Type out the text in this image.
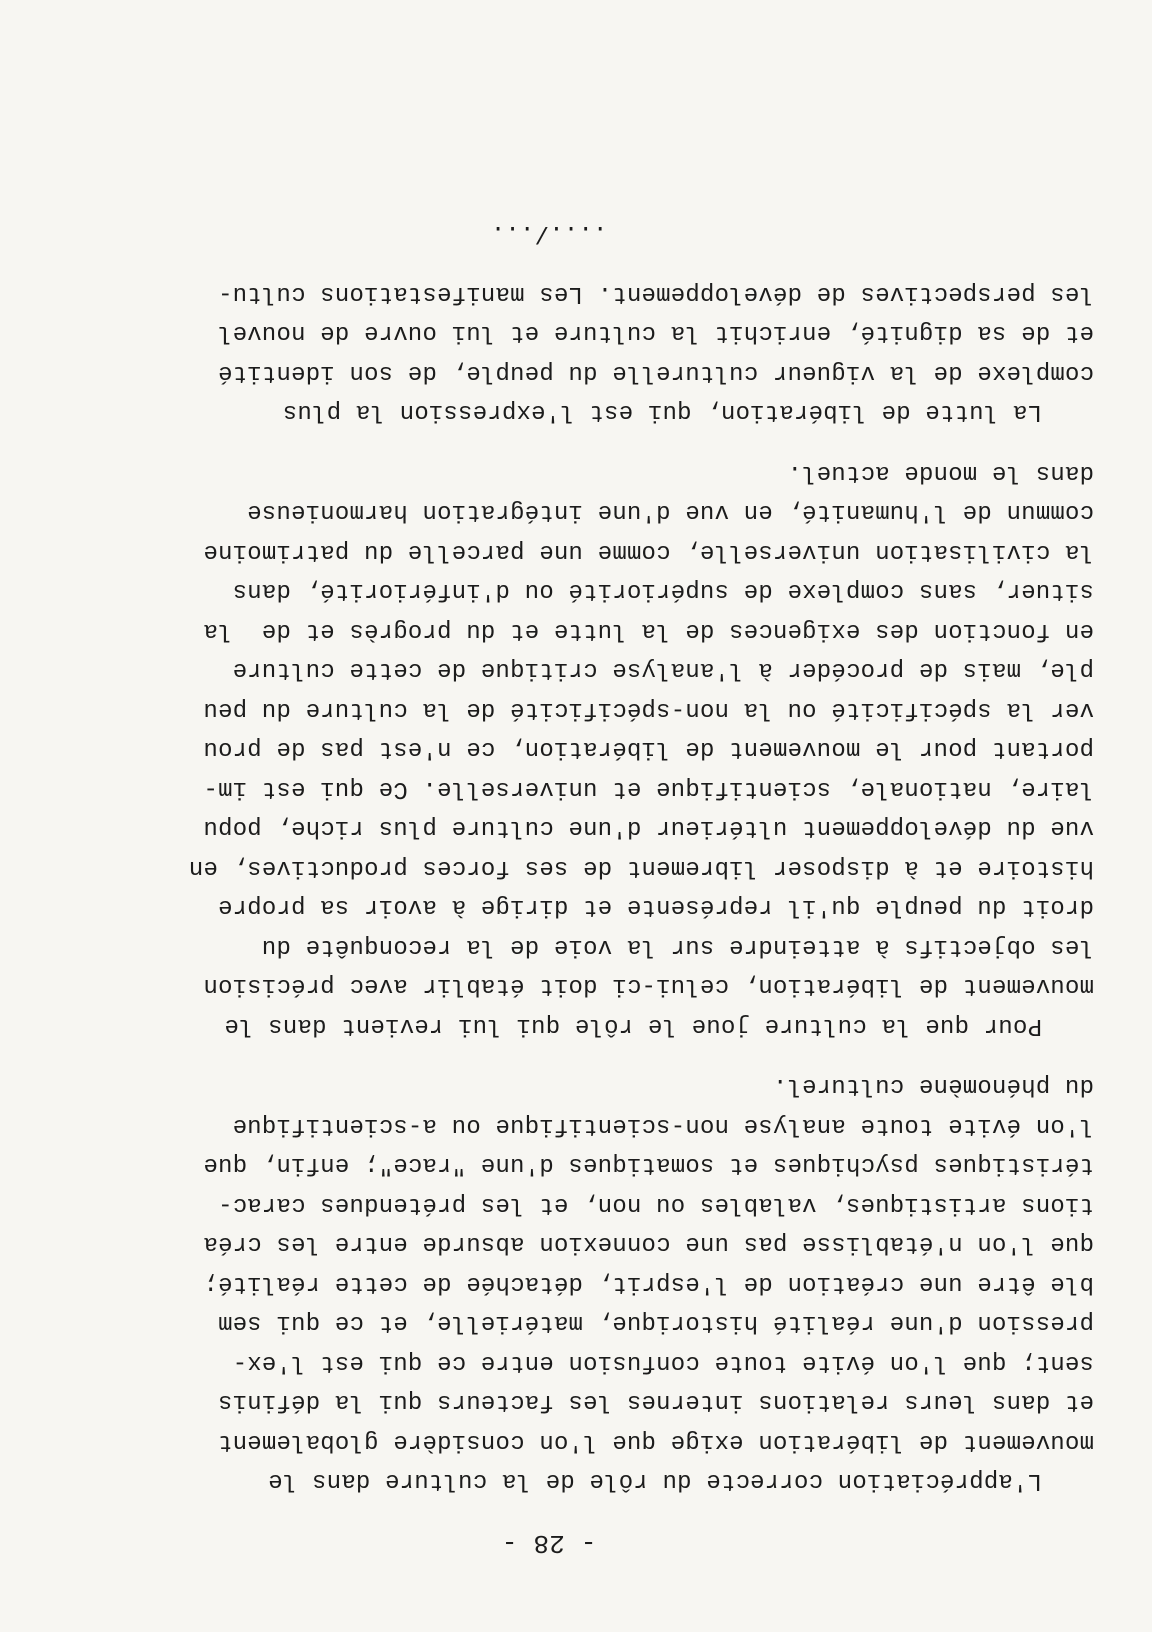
- 28 -
L'appréciation correcte du rôle de la culture dans le
mouvement de libération exige que l'on considère globalement
et dans leurs relations internes les facteurs qui la définis
sent; que l'on évite toute confusion entre ce qui est l'ex-
pression d'une réalité historique, matérielle, et ce qui sem
ble être une création de l'esprit, détachée de cette réalité;
que l'on n'établisse pas une connexion absurde entre les créa
tions artistiques, valables ou non, et les prétendues carac-
téristiques psychiques et somatiques d'une "race"; enfin, que
l'on évite toute analyse non-scientifique ou a-scientifique
du phénomène culturel.
Pour que la culture joue le rôle qui lui revient dans le
mouvement de libération, celui-ci doit établir avec précision
les objectifs à atteindre sur la voie de la reconquête du
droit du peuple qu'il représente et dirige à avoir sa propre
histoire et à disposer librement de ses forces productives, en
vue du développement ultérieur d'une culture plus riche, popu
laire, nationale, scientifique et universelle. Ce qui est im-
portant pour le mouvement de libération, ce n'est pas de prou
ver la spécificité ou la non-spécificité de la culture du peu
ple, mais de procéder à l'analyse critique de cette culture
en fonction des exigences de la lutte et du progrès et de  la
situer, sans complexe de supériorité ou d'infériorité, dans
la civilisation universelle, comme une parcelle du patrimoine
commun de l'humanité, en vue d'une intégration harmonieuse
dans le monde actuel.
La lutte de libération, qui est l'expression la plus
complexe de la vigueur culturelle du peuple, de son identité
et de sa dignité, enrichit la culture et lui ouvre de nouvel
les perspectives de développement. Les manifestations cultu-
..../...
